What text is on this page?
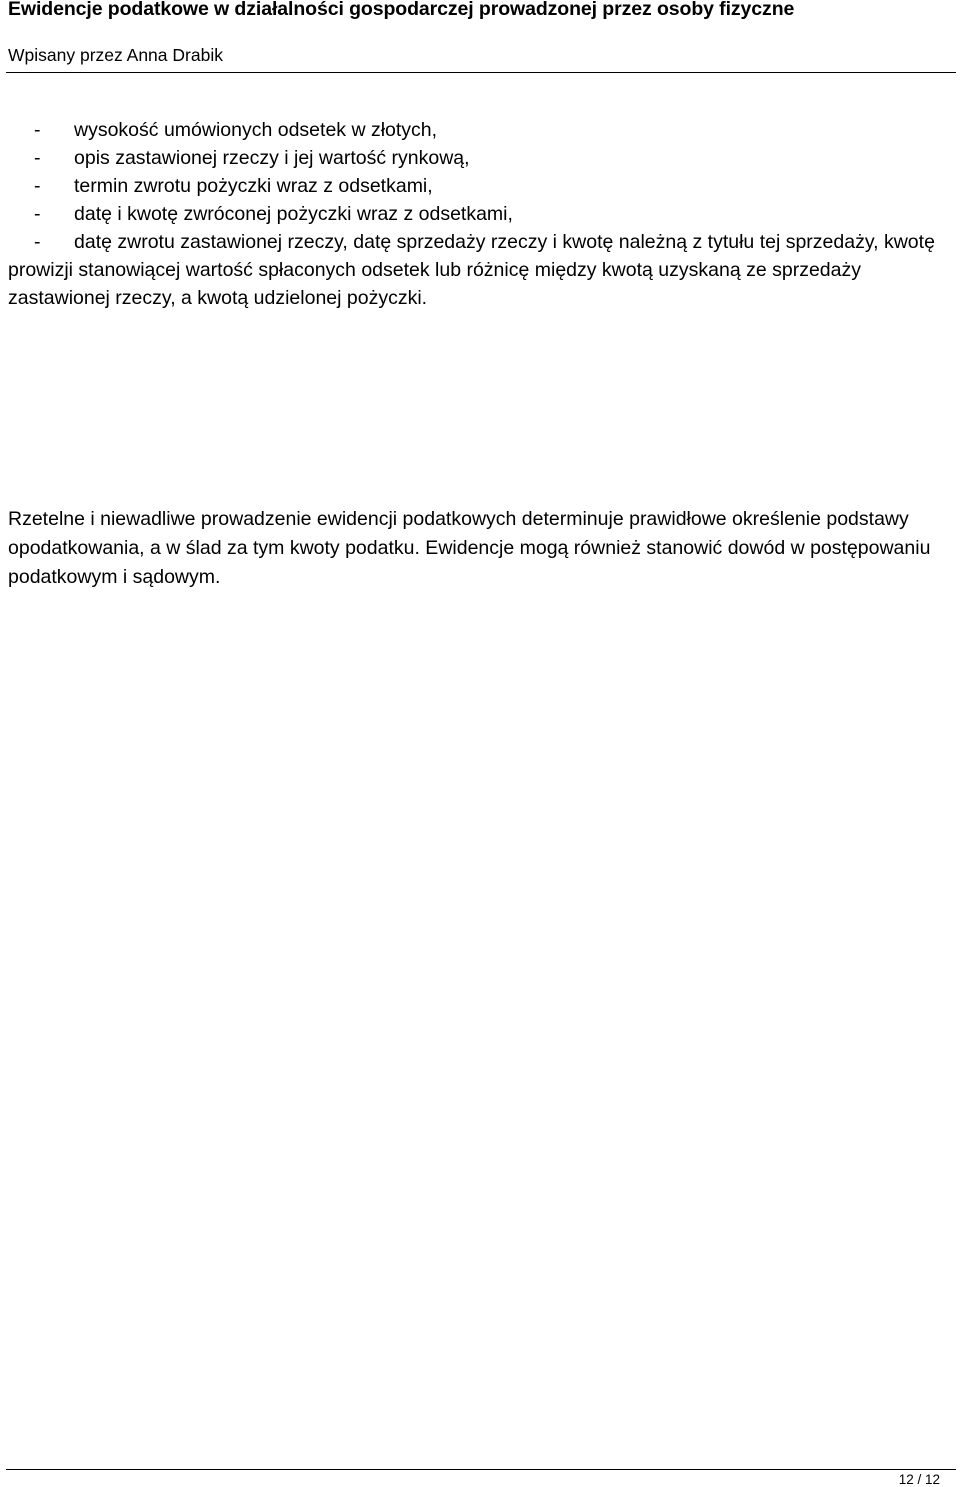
Ewidencje podatkowe w działalności gospodarczej prowadzonej przez osoby fizyczne
Wpisany przez Anna Drabik
- wysokość umówionych odsetek w złotych,
- opis zastawionej rzeczy i jej wartość rynkową,
- termin zwrotu pożyczki wraz z odsetkami,
- datę i kwotę zwróconej pożyczki wraz z odsetkami,
- datę zwrotu zastawionej rzeczy, datę sprzedaży rzeczy i kwotę należną z tytułu tej sprzedaży, kwotę prowizji stanowiącej wartość spłaconych odsetek lub różnicę między kwotą uzyskaną ze sprzedaży zastawionej rzeczy, a kwotą udzielonej pożyczki.

Rzetelne i niewadliwe prowadzenie ewidencji podatkowych determinuje prawidłowe określenie podstawy opodatkowania, a w ślad za tym kwoty podatku. Ewidencje mogą również stanowić dowód w postępowaniu podatkowym i sądowym.

12 / 12
